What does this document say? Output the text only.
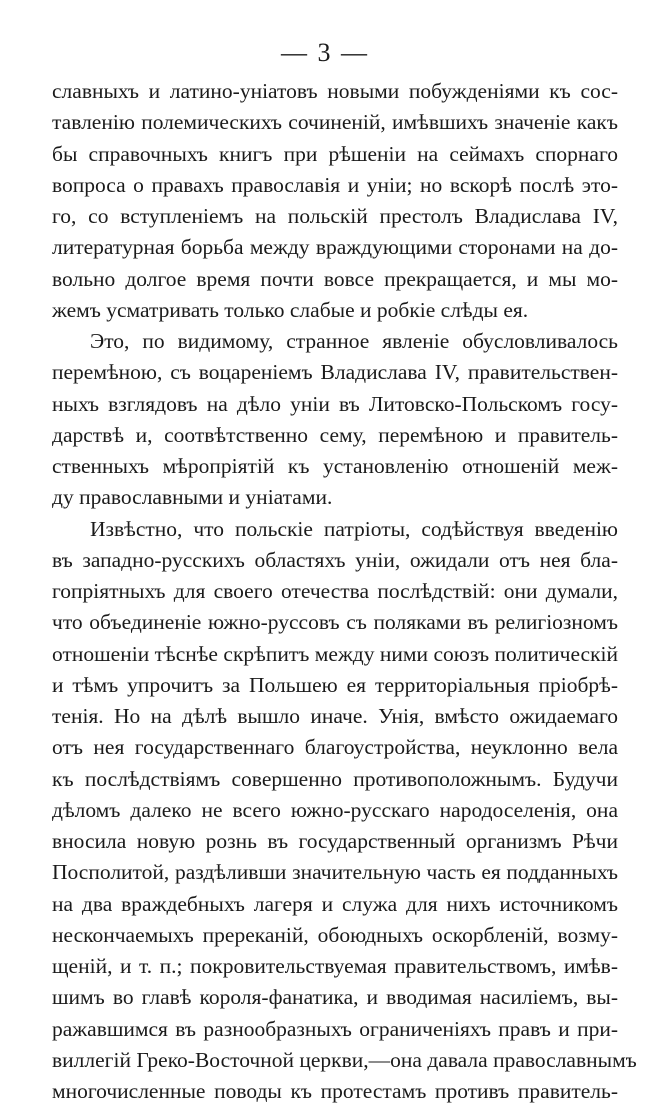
— 3 —
славныхъ и латино-уніатовъ новыми побужденіями къ сос-
тавленію полемическихъ сочиненій, имѣвшихъ значеніе какъ
бы справочныхъ книгъ при рѣшеніи на сеймахъ спорнаго
вопроса о правахъ православія и уніи; но вскорѣ послѣ это-
го, со вступленіемъ на польскій престолъ Владислава IV,
литературная борьба между враждующими сторонами на до-
вольно долгое время почти вовсе прекращается, и мы мо-
жемъ усматривать только слабые и робкіе слѣды ея.
Это, по видимому, странное явленіе обусловливалось
перемѣною, съ воцареніемъ Владислава IV, правительствен-
ныхъ взглядовъ на дѣло уніи въ Литовско-Польскомъ госу-
дарствѣ и, соотвѣтственно сему, перемѣною и правитель-
ственныхъ мѣропріятій къ установленію отношеній меж-
ду православными и уніатами.
Извѣстно, что польскіе патріоты, содѣйствуя введенію
въ западно-русскихъ областяхъ уніи, ожидали отъ нея бла-
гопріятныхъ для своего отечества послѣдствій: они думали,
что объединеніе южно-руссовъ съ поляками въ религіозномъ
отношеніи тѣснѣе скрѣпитъ между ними союзъ политическій
и тѣмъ упрочитъ за Польшею ея территоріальныя пріобрѣ-
тенія. Но на дѣлѣ вышло иначе. Унія, вмѣсто ожидаемаго
отъ нея государственнаго благоустройства, неуклонно вела
къ послѣдствіямъ совершенно противоположнымъ. Будучи
дѣломъ далеко не всего южно-русскаго народоселенія, она
вносила новую рознь въ государственный организмъ Рѣчи
Посполитой, раздѣливши значительную часть ея подданныхъ
на два враждебныхъ лагеря и служа для нихъ источникомъ
нескончаемыхъ пререканій, обоюдныхъ оскорбленій, возму-
щеній, и т. п.; покровительствуемая правительствомъ, имѣв-
шимъ во главѣ короля-фанатика, и вводимая насиліемъ, вы-
ражавшимся въ разнообразныхъ ограниченіяхъ правъ и при-
виллегій Греко-Восточной церкви,—она давала православнымъ
многочисленные поводы къ протестамъ противъ правитель-
